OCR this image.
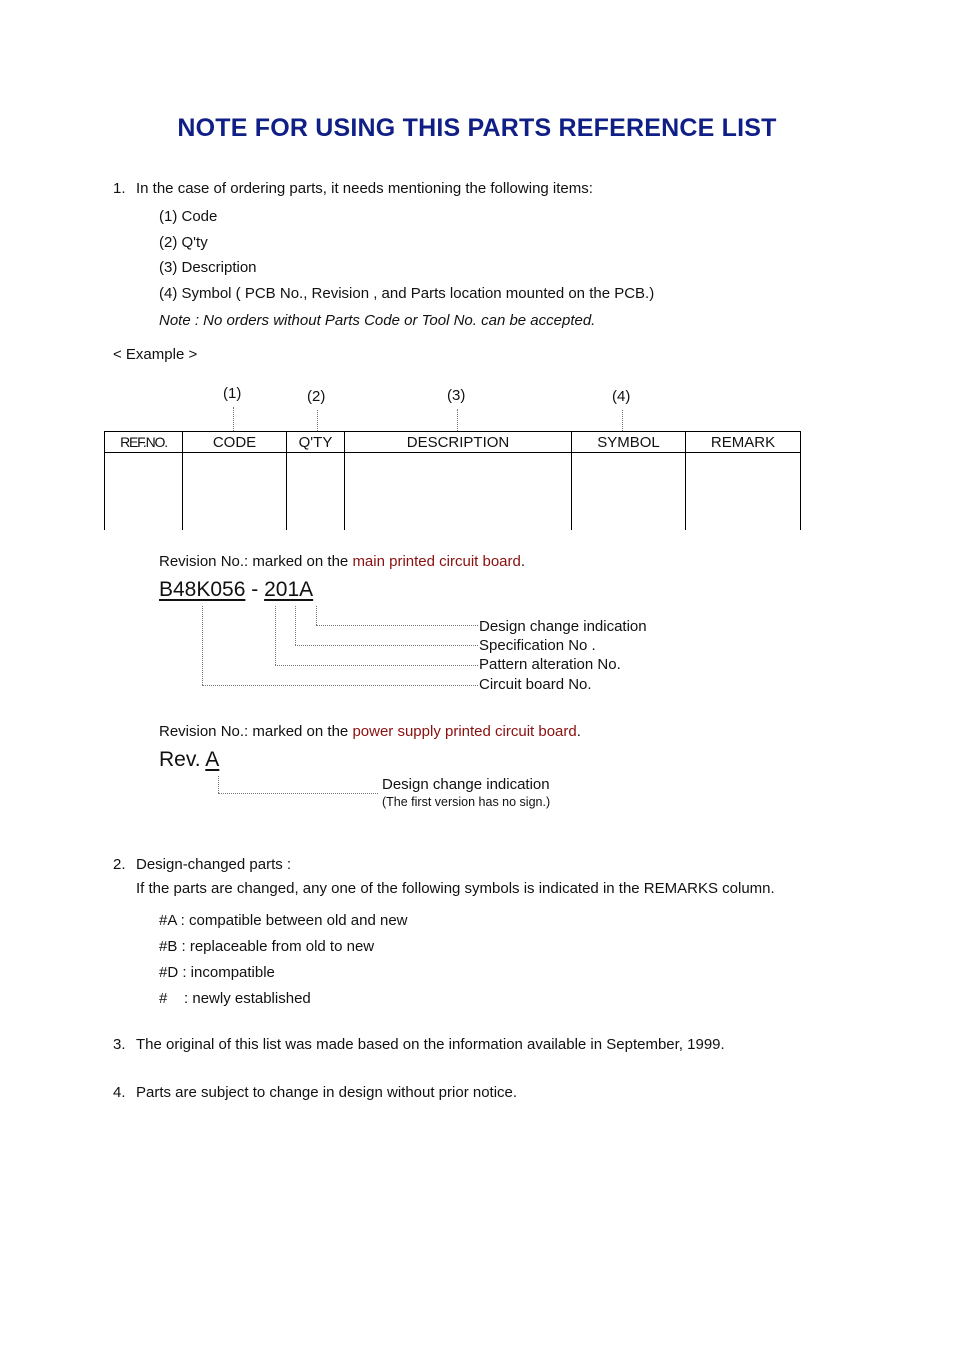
NOTE FOR USING THIS PARTS REFERENCE LIST
1. In the case of ordering parts, it needs mentioning the following items:
(1) Code
(2) Q'ty
(3) Description
(4) Symbol ( PCB No., Revision , and Parts location mounted on the PCB.)
Note : No orders without Parts Code or Tool No. can be accepted.
< Example >
(1)	(2)	(3)	(4)
REF.NO.	CODE	Q'TY	DESCRIPTION	SYMBOL	REMARK

Revision No.: marked on the main printed circuit board.
B48K056 - 201A
Design change indication
Specification No .
Pattern alteration No.
Circuit board No.
Revision No.: marked on the power supply printed circuit board.
Rev. A
Design change indication
(The first version has no sign.)
2. Design-changed parts :
If the parts are changed, any one of the following symbols is indicated in the REMARKS column.
#A : compatible between old and new
#B : replaceable from old to new
#D : incompatible
#    : newly established
3. The original of this list was made based on the information available in September, 1999.
4. Parts are subject to change in design without prior notice.
